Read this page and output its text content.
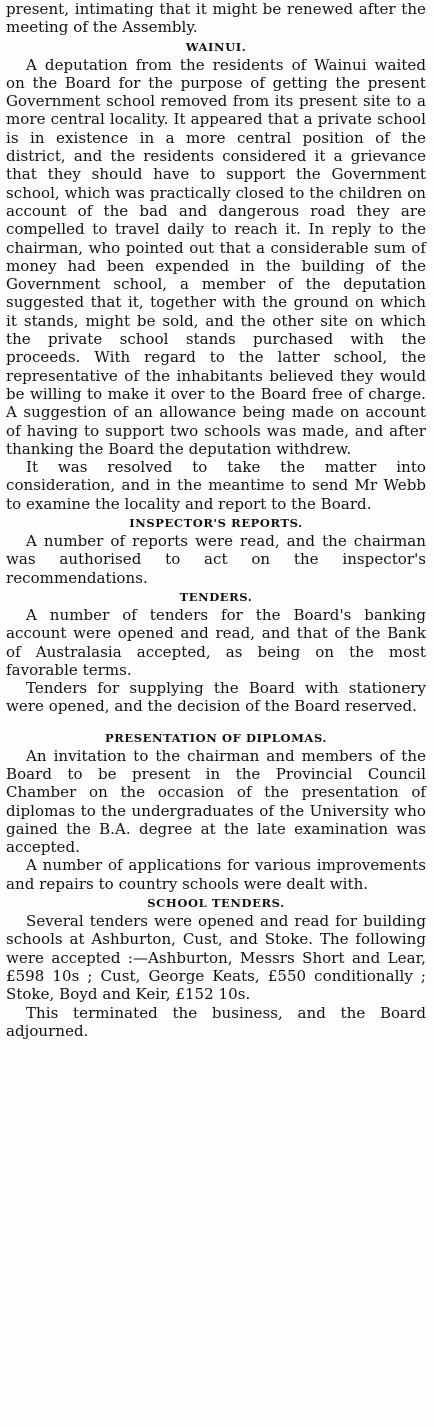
present, intimating that it might be renewed after the meeting of the Assembly.

WAINUI.

A deputation from the residents of Wainui waited on the Board for the purpose of getting the present Government school removed from its present site to a more central locality. It appeared that a private school is in existence in a more central position of the district, and the residents considered it a grievance that they should have to support the Government school, which was practically closed to the children on account of the bad and dangerous road they are compelled to travel daily to reach it. In reply to the chairman, who pointed out that a considerable sum of money had been expended in the building of the Government school, a member of the deputation suggested that it, together with the ground on which it stands, might be sold, and the other site on which the private school stands purchased with the proceeds. With regard to the latter school, the representative of the inhabitants believed they would be willing to make it over to the Board free of charge. A suggestion of an allowance being made on account of having to support two schools was made, and after thanking the Board the deputation withdrew.

It was resolved to take the matter into consideration, and in the meantime to send Mr Webb to examine the locality and report to the Board.

INSPECTOR'S REPORTS.

A number of reports were read, and the chairman was authorised to act on the inspector's recommendations.

TENDERS.

A number of tenders for the Board's banking account were opened and read, and that of the Bank of Australasia accepted, as being on the most favorable terms.

Tenders for supplying the Board with stationery were opened, and the decision of the Board reserved.

PRESENTATION OF DIPLOMAS.

An invitation to the chairman and members of the Board to be present in the Provincial Council Chamber on the occasion of the presentation of diplomas to the undergraduates of the University who gained the B.A. degree at the late examination was accepted.

A number of applications for various improvements and repairs to country schools were dealt with.

SCHOOL TENDERS.

Several tenders were opened and read for building schools at Ashburton, Cust, and Stoke. The following were accepted :—Ashburton, Messrs Short and Lear, £598 10s ; Cust, George Keats, £550 conditionally ; Stoke, Boyd and Keir, £152 10s.

This terminated the business, and the Board adjourned.
